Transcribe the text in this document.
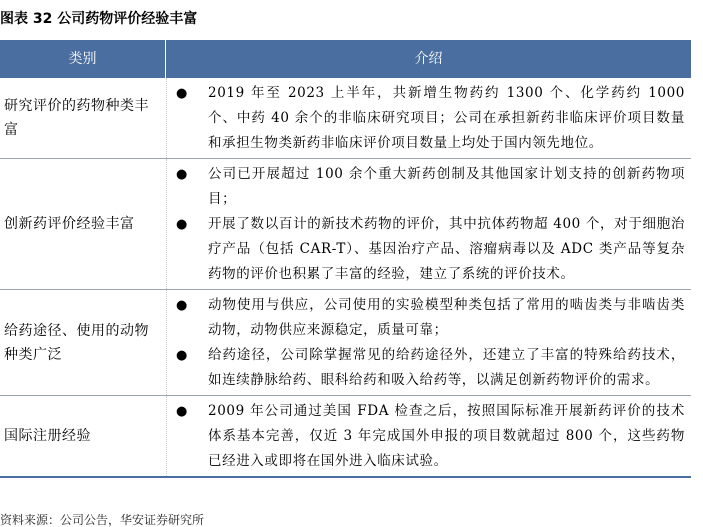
图表 32 公司药物评价经验丰富
类别	介绍
研究评价的药物种类丰富
● 2019 年至 2023 上半年，共新增生物药约 1300 个、化学药约 1000 个、中药 40 余个的非临床研究项目；公司在承担新药非临床评价项目数量和承担生物类新药非临床评价项目数量上均处于国内领先地位。
创新药评价经验丰富
● 公司已开展超过 100 余个重大新药创制及其他国家计划支持的创新药物项目；
● 开展了数以百计的新技术药物的评价，其中抗体药物超 400 个，对于细胞治疗产品（包括 CAR-T）、基因治疗产品、溶瘤病毒以及 ADC 类产品等复杂药物的评价也积累了丰富的经验，建立了系统的评价技术。
给药途径、使用的动物种类广泛
● 动物使用与供应，公司使用的实验模型种类包括了常用的啮齿类与非啮齿类动物，动物供应来源稳定，质量可靠；
● 给药途径，公司除掌握常见的给药途径外，还建立了丰富的特殊给药技术，如连续静脉给药、眼科给药和吸入给药等，以满足创新药物评价的需求。
国际注册经验
● 2009 年公司通过美国 FDA 检查之后，按照国际标准开展新药评价的技术体系基本完善，仅近 3 年完成国外申报的项目数就超过 800 个，这些药物已经进入或即将在国外进入临床试验。
资料来源：公司公告，华安证券研究所
